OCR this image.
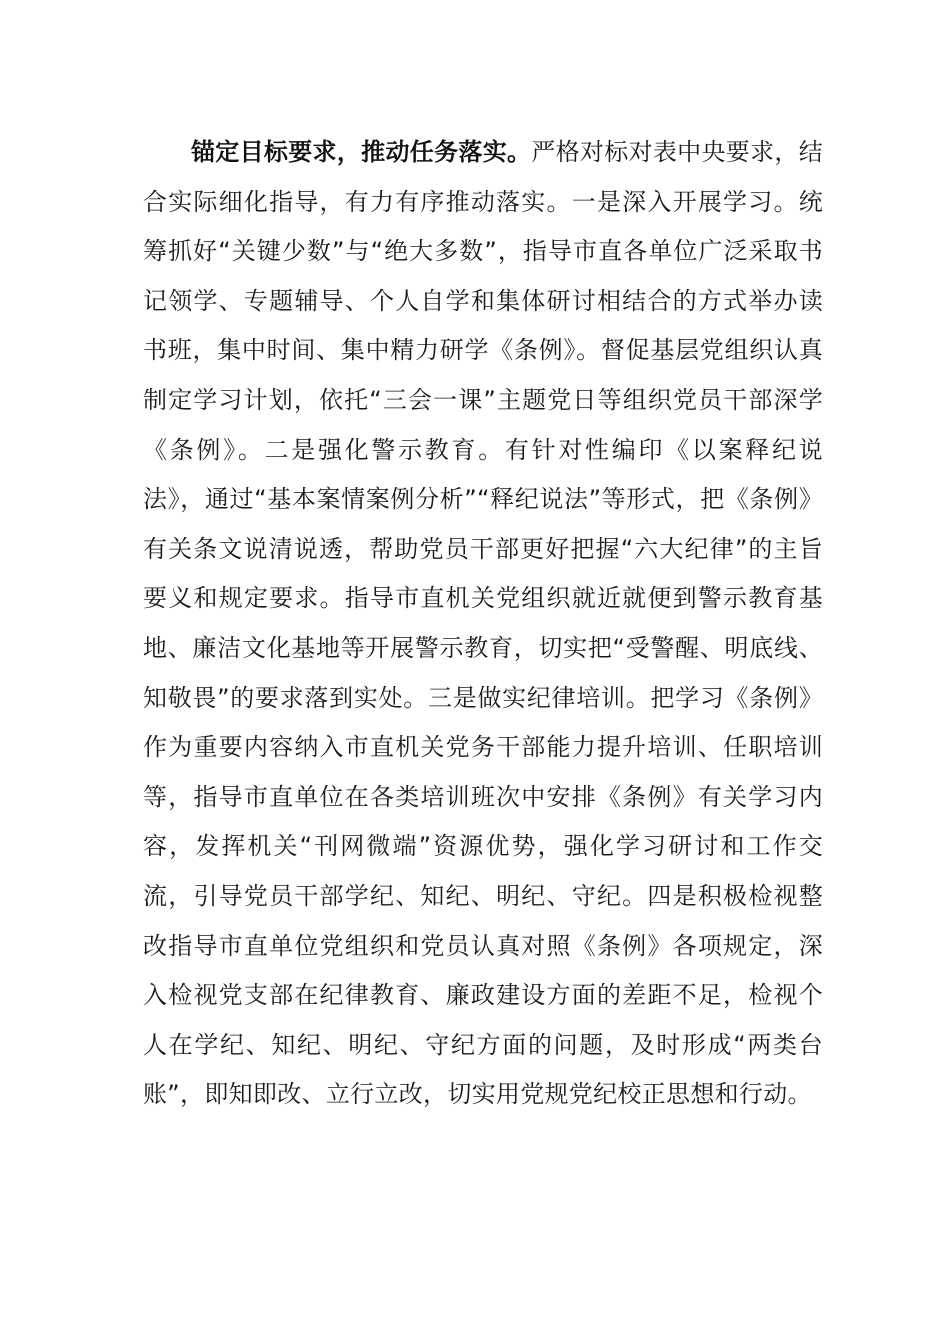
锚定目标要求，推动任务落实。严格对标对表中央要求，结合实际细化指导，有力有序推动落实。一是深入开展学习。统筹抓好“关键少数”与“绝大多数”，指导市直各单位广泛采取书记领学、专题辅导、个人自学和集体研讨相结合的方式举办读书班，集中时间、集中精力研学《条例》。督促基层党组织认真制定学习计划，依托“三会一课”主题党日等组织党员干部深学《条例》。二是强化警示教育。有针对性编印《以案释纪说法》，通过“基本案情案例分析”“释纪说法”等形式，把《条例》有关条文说清说透，帮助党员干部更好把握“六大纪律”的主旨要义和规定要求。指导市直机关党组织就近就便到警示教育基地、廉洁文化基地等开展警示教育，切实把“受警醒、明底线、知敬畏”的要求落到实处。三是做实纪律培训。把学习《条例》作为重要内容纳入市直机关党务干部能力提升培训、任职培训等，指导市直单位在各类培训班次中安排《条例》有关学习内容，发挥机关“刊网微端”资源优势，强化学习研讨和工作交流，引导党员干部学纪、知纪、明纪、守纪。四是积极检视整改指导市直单位党组织和党员认真对照《条例》各项规定，深入检视党支部在纪律教育、廉政建设方面的差距不足，检视个人在学纪、知纪、明纪、守纪方面的问题，及时形成“两类台账”，即知即改、立行立改，切实用党规党纪校正思想和行动。
